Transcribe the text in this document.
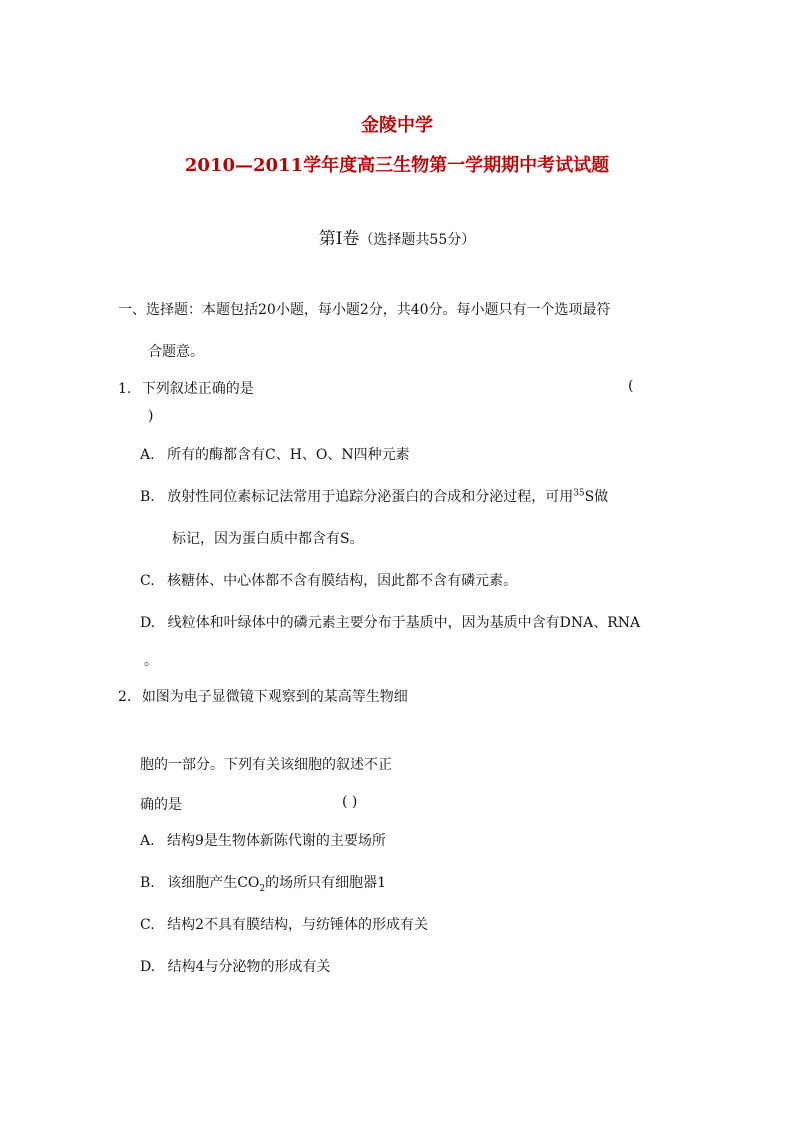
金陵中学
2010—2011学年度高三生物第一学期期中考试试题
第Ⅰ卷（选择题共55分）
一、选择题：本题包括20小题，每小题2分，共40分。每小题只有一个选项最符
合题意。
1. 下列叙述正确的是	(
)
A. 所有的酶都含有C、H、O、N四种元素
B. 放射性同位素标记法常用于追踪分泌蛋白的合成和分泌过程，可用$^{35}$S做
标记，因为蛋白质中都含有S。
C. 核糖体、中心体都不含有膜结构，因此都不含有磷元素。
D. 线粒体和叶绿体中的磷元素主要分布于基质中，因为基质中含有DNA、RNA
。
2. 如图为电子显微镜下观察到的某高等生物细
胞的一部分。下列有关该细胞的叙述不正
确的是	( )
A. 结构9是生物体新陈代谢的主要场所
B. 该细胞产生$CO_2$的场所只有细胞器1
C. 结构2不具有膜结构，与纺锤体的形成有关
D. 结构4与分泌物的形成有关
